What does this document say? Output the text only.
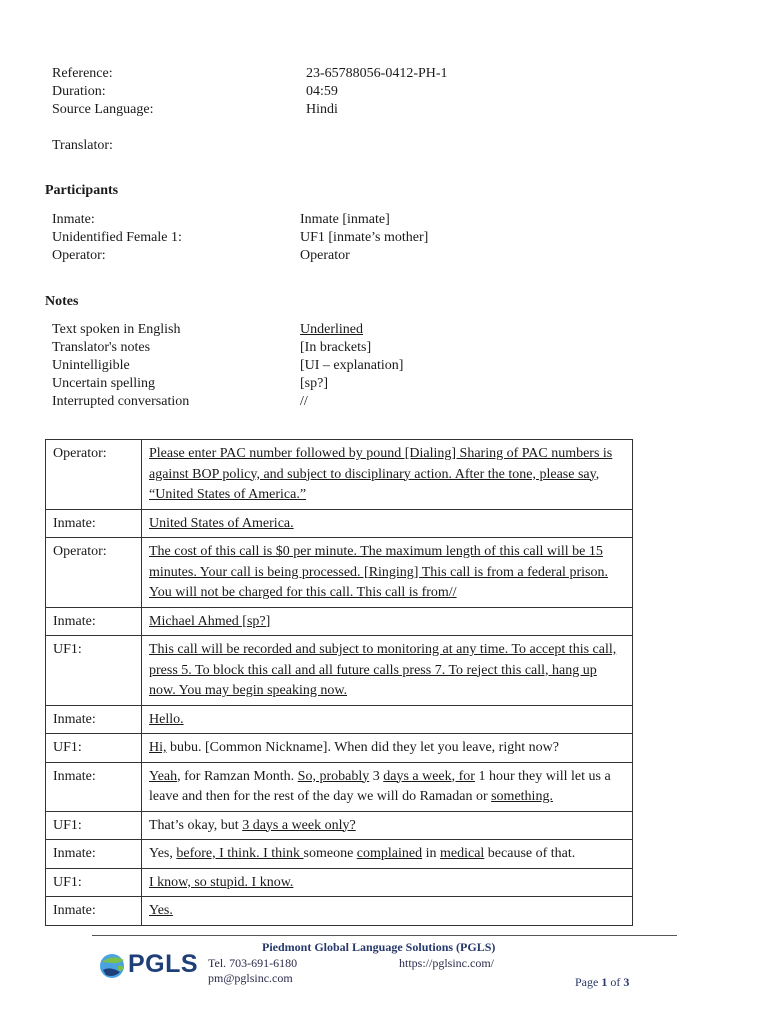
Reference:	23-65788056-0412-PH-1
Duration:	04:59
Source Language:	Hindi
Translator:
Participants
Inmate:	Inmate [inmate]
Unidentified Female 1:	UF1 [inmate’s mother]
Operator:	Operator
Notes
Text spoken in English	Underlined
Translator's notes	[In brackets]
Unintelligible	[UI – explanation]
Uncertain spelling	[sp?]
Interrupted conversation	//
Operator:	Please enter PAC number followed by pound [Dialing] Sharing of PAC numbers is against BOP policy, and subject to disciplinary action. After the tone, please say, “United States of America.”
Inmate:	United States of America.
Operator:	The cost of this call is $0 per minute. The maximum length of this call will be 15 minutes. Your call is being processed. [Ringing] This call is from a federal prison. You will not be charged for this call. This call is from//
Inmate:	Michael Ahmed [sp?]
UF1:	This call will be recorded and subject to monitoring at any time. To accept this call, press 5. To block this call and all future calls press 7. To reject this call, hang up now. You may begin speaking now.
Inmate:	Hello.
UF1:	Hi, bubu. [Common Nickname]. When did they let you leave, right now?
Inmate:	Yeah, for Ramzan Month. So, probably 3 days a week, for 1 hour they will let us a leave and then for the rest of the day we will do Ramadan or something.
UF1:	That’s okay, but 3 days a week only?
Inmate:	Yes, before, I think. I think someone complained in medical because of that.
UF1:	I know, so stupid. I know.
Inmate:	Yes.
Piedmont Global Language Solutions (PGLS)
PGLS Tel. 703-691-6180
pm@pglsinc.com
https://pglsinc.com/
Page 1 of 3
